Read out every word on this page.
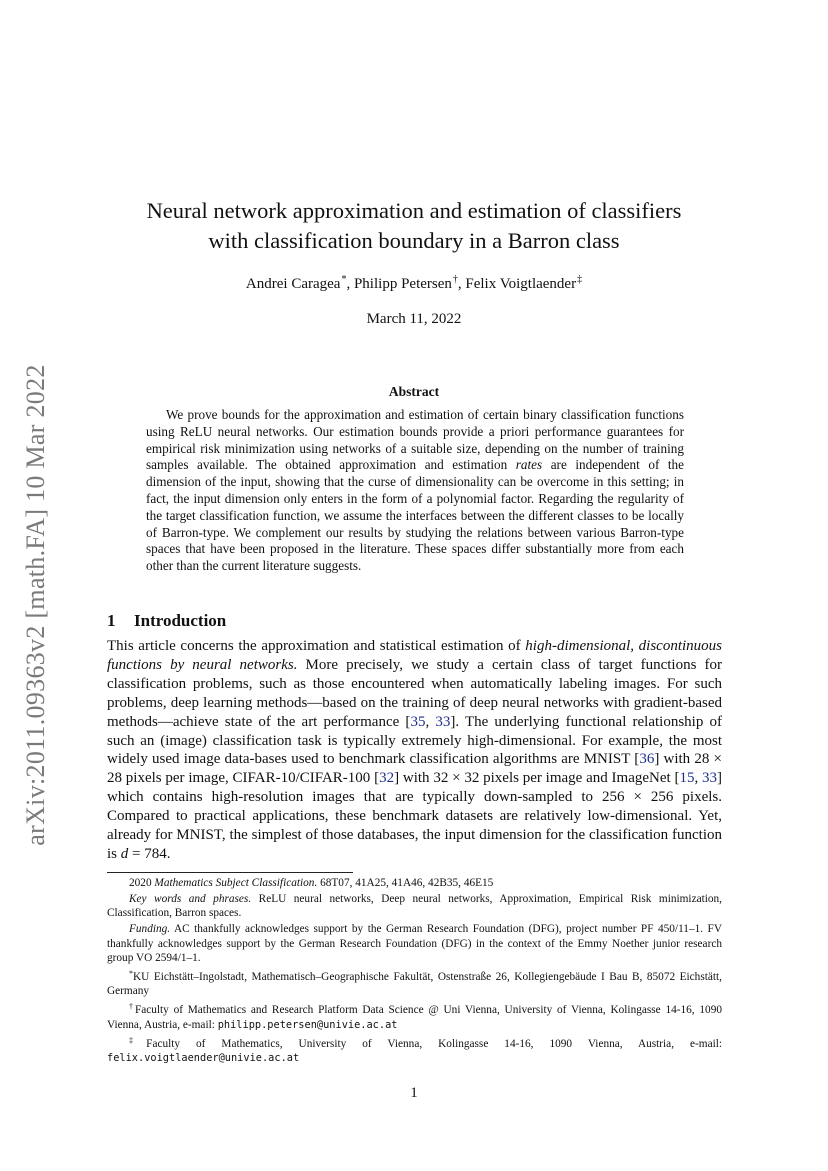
arXiv:2011.09363v2 [math.FA] 10 Mar 2022
Neural network approximation and estimation of classifiers
with classification boundary in a Barron class
Andrei Caragea*, Philipp Petersen†, Felix Voigtlaender‡
March 11, 2022
Abstract

We prove bounds for the approximation and estimation of certain binary classification functions using ReLU neural networks. Our estimation bounds provide a priori performance guarantees for empirical risk minimization using networks of a suitable size, depending on the number of training samples available. The obtained approximation and estimation rates are independent of the dimension of the input, showing that the curse of dimensionality can be overcome in this setting; in fact, the input dimension only enters in the form of a polynomial factor. Regarding the regularity of the target classification function, we assume the interfaces between the different classes to be locally of Barron-type. We complement our results by studying the relations between various Barron-type spaces that have been proposed in the literature. These spaces differ substantially more from each other than the current literature suggests.

1 Introduction

This article concerns the approximation and statistical estimation of high-dimensional, discontinuous functions by neural networks. More precisely, we study a certain class of target functions for classification problems, such as those encountered when automatically labeling images. For such problems, deep learning methods—based on the training of deep neural networks with gradient-based methods—achieve state of the art performance [35, 33]. The underlying functional relationship of such an (image) classification task is typically extremely high-dimensional. For example, the most widely used image data-bases used to benchmark classification algorithms are MNIST [36] with 28 × 28 pixels per image, CIFAR-10/CIFAR-100 [32] with 32 × 32 pixels per image and ImageNet [15, 33] which contains high-resolution images that are typically down-sampled to 256 × 256 pixels. Compared to practical applications, these benchmark datasets are relatively low-dimensional. Yet, already for MNIST, the simplest of those databases, the input dimension for the classification function is d = 784.

2020 Mathematics Subject Classification. 68T07, 41A25, 41A46, 42B35, 46E15

Key words and phrases. ReLU neural networks, Deep neural networks, Approximation, Empirical Risk minimization, Classification, Barron spaces.

Funding. AC thankfully acknowledges support by the German Research Foundation (DFG), project number PF 450/11–1. FV thankfully acknowledges support by the German Research Foundation (DFG) in the context of the Emmy Noether junior research group VO 2594/1–1.

*KU Eichstätt–Ingolstadt, Mathematisch–Geographische Fakultät, Ostenstraße 26, Kollegiengebäude I Bau B, 85072 Eichstätt, Germany

†Faculty of Mathematics and Research Platform Data Science @ Uni Vienna, University of Vienna, Kolingasse 14-16, 1090 Vienna, Austria, e-mail: philipp.petersen@univie.ac.at

‡Faculty of Mathematics, University of Vienna, Kolingasse 14-16, 1090 Vienna, Austria, e-mail: felix.voigtlaender@univie.ac.at

1
